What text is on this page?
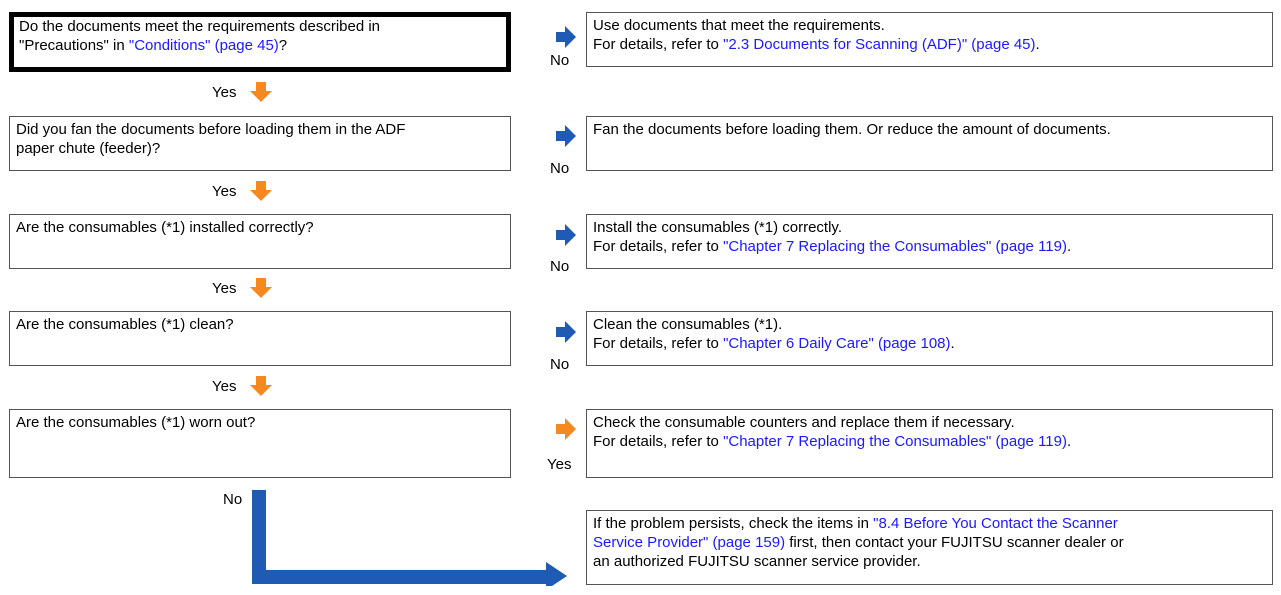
Do the documents meet the requirements described in
"Precautions" in "Conditions" (page 45)?
No
Use documents that meet the requirements.
For details, refer to "2.3 Documents for Scanning (ADF)" (page 45).
Yes
Did you fan the documents before loading them in the ADF
paper chute (feeder)?
No
Fan the documents before loading them. Or reduce the amount of documents.
Yes
Are the consumables (*1) installed correctly?
No
Install the consumables (*1) correctly.
For details, refer to "Chapter 7 Replacing the Consumables" (page 119).
Yes
Are the consumables (*1) clean?
No
Clean the consumables (*1).
For details, refer to "Chapter 6 Daily Care" (page 108).
Yes
Are the consumables (*1) worn out?
Yes
Check the consumable counters and replace them if necessary.
For details, refer to "Chapter 7 Replacing the Consumables" (page 119).
No
If the problem persists, check the items in "8.4 Before You Contact the Scanner
Service Provider" (page 159) first, then contact your FUJITSU scanner dealer or
an authorized FUJITSU scanner service provider.
